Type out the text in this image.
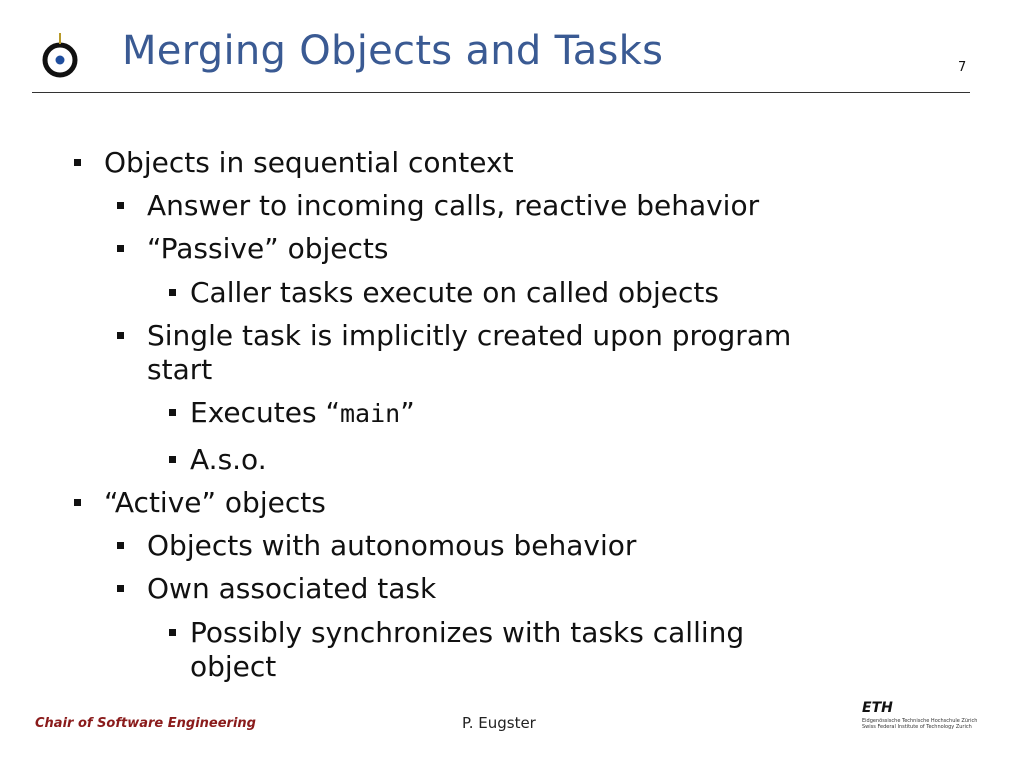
Merging Objects and Tasks	7
Objects in sequential context
Answer to incoming calls, reactive behavior
“Passive” objects
Caller tasks execute on called objects
Single task is implicitly created upon program
start
Executes “main”
A.s.o.
“Active” objects
Objects with autonomous behavior
Own associated task
Possibly synchronizes with tasks calling
object
Chair of Software Engineering	P. Eugster
ETH
Eidgenössische Technische Hochschule Zürich
Swiss Federal Institute of Technology Zurich
